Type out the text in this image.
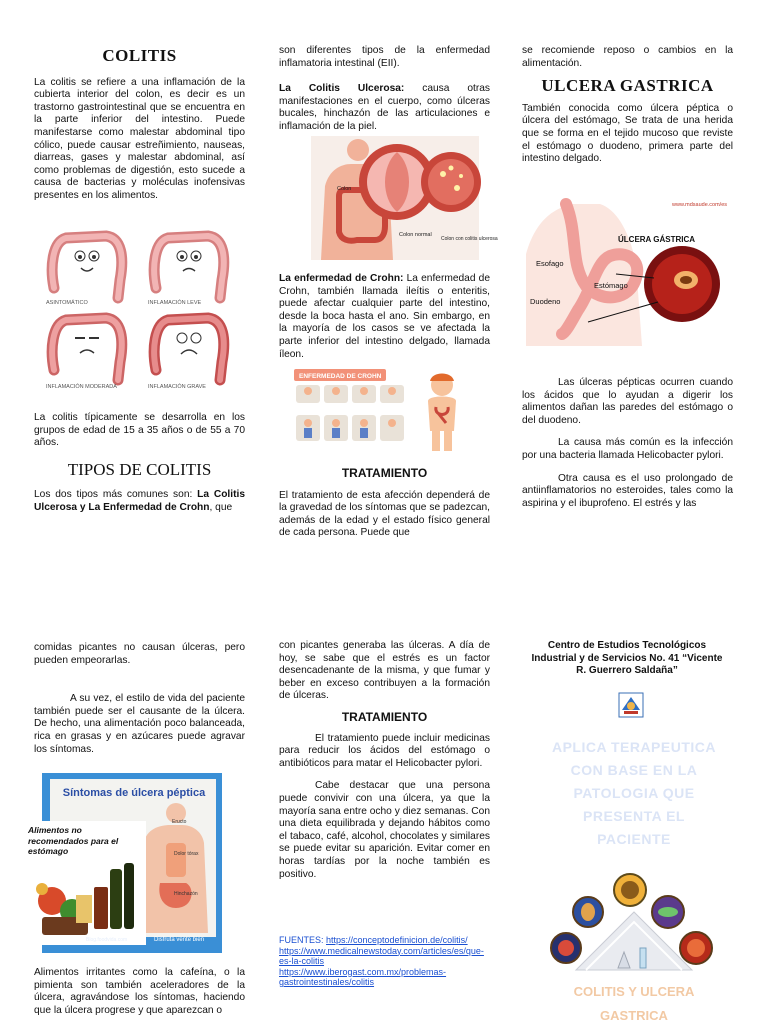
COLITIS

La colitis se refiere a una inflamación de la cubierta interior del colon, es decir es un trastorno gastrointestinal que se encuentra en la parte inferior del intestino. Puede manifestarse como malestar abdominal tipo cólico, puede causar estreñimiento, nauseas, diarreas, gases y malestar abdominal, así como problemas de digestión, esto sucede a causa de bacterias y moléculas inofensivas presentes en los alimentos.

ASINTOMÁTICO	INFLAMACIÓN LEVE
INFLAMACIÓN MODERADA	INFLAMACIÓN GRAVE

La colitis típicamente se desarrolla en los grupos de edad de 15 a 35 años o de 55 a 70 años.

TIPOS DE COLITIS

Los dos tipos más comunes son: La Colitis Ulcerosa y La Enfermedad de Crohn, que

son diferentes tipos de la enfermedad inflamatoria intestinal (EII).

La Colitis Ulcerosa: causa otras manifestaciones en el cuerpo, como úlceras bucales, hinchazón de las articulaciones e inflamación de la piel.

Colon
Colon normal
Colon con colitis ulcerosa

La enfermedad de Crohn: La enfermedad de Crohn, también llamada ileítis o enteritis, puede afectar cualquier parte del intestino, desde la boca hasta el ano. Sin embargo, en la mayoría de los casos se ve afectada la parte inferior del intestino delgado, llamada íleon.

ENFERMEDAD DE CROHN
TRATAMIENTO

El tratamiento de esta afección dependerá de la gravedad de los síntomas que se padezcan, además de la edad y el estado físico general de cada persona. Puede que

se recomiende reposo o cambios en la alimentación.

ULCERA GASTRICA

También conocida como úlcera péptica o úlcera del estómago, Se trata de una herida que se forma en el tejido mucoso que reviste el estómago o duodeno, primera parte del intestino delgado.

www.mdsaude.com/es
ÚLCERA GÁSTRICA
Esofago
Estómago
Duodeno

Las úlceras pépticas ocurren cuando los ácidos que lo ayudan a digerir los alimentos dañan las paredes del estómago o del duodeno.

La causa más común es la infección por una bacteria llamada Helicobacter pylori.

Otra causa es el uso prolongado de antiinflamatorios no esteroides, tales como la aspirina y el ibuprofeno. El estrés y las

comidas picantes no causan úlceras, pero pueden empeorarlas.

A su vez, el estilo de vida del paciente también puede ser el causante de la úlcera. De hecho, una alimentación poco balanceada, rica en grasas y en azúcares puede agravar los síntomas.

Síntomas de úlcera péptica
Eructo
Dolor tórax
Hinchazón
Alimentos no recomendados para el estómago
Blog.foodvida.com	Disfruta vente bien

Alimentos irritantes como la cafeína, o la pimienta son también aceleradores de la úlcera, agravándose los síntomas, haciendo que la úlcera progrese y que aparezcan o

con picantes generaba las úlceras. A día de hoy, se sabe que el estrés es un factor desencadenante de la misma, y que fumar y beber en exceso contribuyen a la formación de úlceras.

TRATAMIENTO

El tratamiento puede incluir medicinas para reducir los ácidos del estómago o antibióticos para matar el Helicobacter pylori.

Cabe destacar que una persona puede convivir con una úlcera, ya que la mayoría sana entre ocho y diez semanas. Con una dieta equilibrada y dejando hábitos como el tabaco, café, alcohol, chocolates y similares se puede evitar su aparición. Evitar comer en horas tardías por la noche también es positivo.

FUENTES: https://conceptodefinicion.de/colitis/
https://www.medicalnewstoday.com/articles/es/que-es-la-colitis
https://www.iberogast.com.mx/problemas-gastrointestinales/colitis
Centro de Estudios Tecnológicos Industrial y de Servicios No. 41 “Vicente R. Guerrero Saldaña”
APLICA TERAPEUTICA CON BASE EN LA PATOLOGIA QUE PRESENTA EL PACIENTE
COLITIS Y ULCERA GASTRICA
